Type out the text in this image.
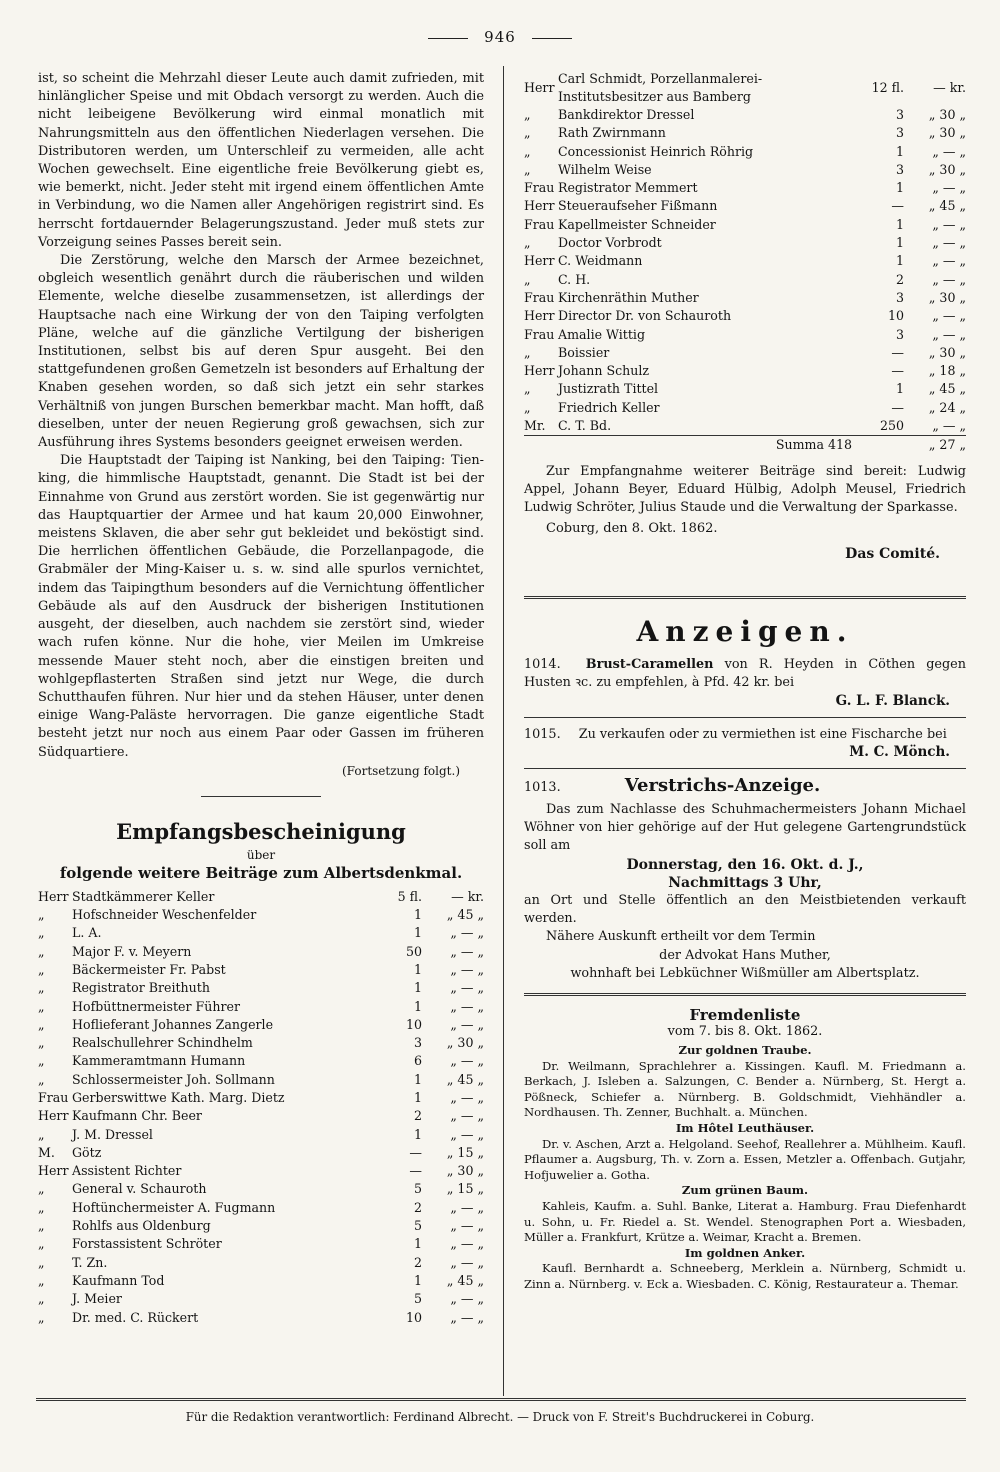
946

ist, so scheint die Mehrzahl dieser Leute auch damit zufrieden, mit hinlänglicher Speise und mit Obdach versorgt zu werden. Auch die nicht leibeigene Bevölkerung wird einmal monatlich mit Nahrungsmitteln aus den öffentlichen Niederlagen versehen. Die Distributoren werden, um Unterschleif zu vermeiden, alle acht Wochen gewechselt. Eine eigentliche freie Bevölkerung giebt es, wie bemerkt, nicht. Jeder steht mit irgend einem öffentlichen Amte in Verbindung, wo die Namen aller Angehörigen registrirt sind. Es herrscht fortdauernder Belagerungszustand. Jeder muß stets zur Vorzeigung seines Passes bereit sein.

Die Zerstörung, welche den Marsch der Armee bezeichnet, obgleich wesentlich genährt durch die räuberischen und wilden Elemente, welche dieselbe zusammensetzen, ist allerdings der Hauptsache nach eine Wirkung der von den Taiping verfolgten Pläne, welche auf die gänzliche Vertilgung der bisherigen Institutionen, selbst bis auf deren Spur ausgeht. Bei den stattgefundenen großen Gemetzeln ist besonders auf Erhaltung der Knaben gesehen worden, so daß sich jetzt ein sehr starkes Verhältniß von jungen Burschen bemerkbar macht. Man hofft, daß dieselben, unter der neuen Regierung groß gewachsen, sich zur Ausführung ihres Systems besonders geeignet erweisen werden.

Die Hauptstadt der Taiping ist Nanking, bei den Taiping: Tien-king, die himmlische Hauptstadt, genannt. Die Stadt ist bei der Einnahme von Grund aus zerstört worden. Sie ist gegenwärtig nur das Hauptquartier der Armee und hat kaum 20,000 Einwohner, meistens Sklaven, die aber sehr gut bekleidet und beköstigt sind. Die herrlichen öffentlichen Gebäude, die Porzellanpagode, die Grabmäler der Ming-Kaiser u. s. w. sind alle spurlos vernichtet, indem das Taipingthum besonders auf die Vernichtung öffentlicher Gebäude als auf den Ausdruck der bisherigen Institutionen ausgeht, der dieselben, auch nachdem sie zerstört sind, wieder wach rufen könne. Nur die hohe, vier Meilen im Umkreise messende Mauer steht noch, aber die einstigen breiten und wohlgepflasterten Straßen sind jetzt nur Wege, die durch Schutthaufen führen. Nur hier und da stehen Häuser, unter denen einige Wang-Paläste hervorragen. Die ganze eigentliche Stadt besteht jetzt nur noch aus einem Paar oder Gassen im früheren Südquartiere.

(Fortsetzung folgt.)
Empfangsbescheinigung
über
folgende weitere Beiträge zum Albertsdenkmal.
Herr	Stadtkämmerer Keller	5 fl.	— kr.
„	Hofschneider Weschenfelder	1	„ 45 „
„	L. A.	1	„ — „
„	Major F. v. Meyern	50	„ — „
„	Bäckermeister Fr. Pabst	1	„ — „
„	Registrator Breithuth	1	„ — „
„	Hofbüttnermeister Führer	1	„ — „
„	Hoflieferant Johannes Zangerle	10	„ — „
„	Realschullehrer Schindhelm	3	„ 30 „
„	Kammeramtmann Humann	6	„ — „
„	Schlossermeister Joh. Sollmann	1	„ 45 „
Frau	Gerberswittwe Kath. Marg. Dietz	1	„ — „
Herr	Kaufmann Chr. Beer	2	„ — „
„	J. M. Dressel	1	„ — „
M.	Götz	—	„ 15 „
Herr	Assistent Richter	—	„ 30 „
„	General v. Schauroth	5	„ 15 „
„	Hoftünchermeister A. Fugmann	2	„ — „
„	Rohlfs aus Oldenburg	5	„ — „
„	Forstassistent Schröter	1	„ — „
„	T. Zn.	2	„ — „
„	Kaufmann Tod	1	„ 45 „
„	J. Meier	5	„ — „
„	Dr. med. C. Rückert	10	„ — „
Herr	Carl Schmidt, Porzellanmalerei-Institutsbesitzer aus Bamberg	12 fl.	— kr.
„	Bankdirektor Dressel	3	„ 30 „
„	Rath Zwirnmann	3	„ 30 „
„	Concessionist Heinrich Röhrig	1	„ — „
„	Wilhelm Weise	3	„ 30 „
Frau	Registrator Memmert	1	„ — „
Herr	Steueraufseher Fißmann	—	„ 45 „
Frau	Kapellmeister Schneider	1	„ — „
„	Doctor Vorbrodt	1	„ — „
Herr	C. Weidmann	1	„ — „
„	C. H.	2	„ — „
Frau	Kirchenräthin Muther	3	„ 30 „
Herr	Director Dr. von Schauroth	10	„ — „
Frau	Amalie Wittig	3	„ — „
„	Boissier	—	„ 30 „
Herr	Johann Schulz	—	„ 18 „
„	Justizrath Tittel	1	„ 45 „
„	Friedrich Keller	—	„ 24 „
Mr.	C. T. Bd.	250	„ — „
	Summa 418		„ 27 „

Zur Empfangnahme weiterer Beiträge sind bereit: Ludwig Appel, Johann Beyer, Eduard Hülbig, Adolph Meusel, Friedrich Ludwig Schröter, Julius Staude und die Verwaltung der Sparkasse.

Coburg, den 8. Okt. 1862.
Das Comité.
Anzeigen.

1014. Brust-Caramellen von R. Heyden in Cöthen gegen Husten ꝛc. zu empfehlen, à Pfd. 42 kr. bei

G. L. F. Blanck.

1015. Zu verkaufen oder zu vermiethen ist eine Fischarche bei

M. C. Mönch.
1013.	Verstrichs-Anzeige.

Das zum Nachlasse des Schuhmachermeisters Johann Michael Wöhner von hier gehörige auf der Hut gelegene Gartengrundstück soll am

Donnerstag, den 16. Okt. d. J.,
Nachmittags 3 Uhr,

an Ort und Stelle öffentlich an den Meistbietenden verkauft werden.

Nähere Auskunft ertheilt vor dem Termin

der Advokat Hans Muther,
wohnhaft bei Lebküchner Wißmüller am Albertsplatz.
Fremdenliste
vom 7. bis 8. Okt. 1862.
Zur goldnen Traube.

Dr. Weilmann, Sprachlehrer a. Kissingen. Kaufl. M. Friedmann a. Berkach, J. Isleben a. Salzungen, C. Bender a. Nürnberg, St. Hergt a. Pößneck, Schiefer a. Nürnberg. B. Goldschmidt, Viehhändler a. Nordhausen. Th. Zenner, Buchhalt. a. München.

Im Hôtel Leuthäuser.

Dr. v. Aschen, Arzt a. Helgoland. Seehof, Reallehrer a. Mühlheim. Kaufl. Pflaumer a. Augsburg, Th. v. Zorn a. Essen, Metzler a. Offenbach. Gutjahr, Hofjuwelier a. Gotha.

Zum grünen Baum.

Kahleis, Kaufm. a. Suhl. Banke, Literat a. Hamburg. Frau Diefenhardt u. Sohn, u. Fr. Riedel a. St. Wendel. Stenographen Port a. Wiesbaden, Müller a. Frankfurt, Krütze a. Weimar, Kracht a. Bremen.

Im goldnen Anker.

Kaufl. Bernhardt a. Schneeberg, Merklein a. Nürnberg, Schmidt u. Zinn a. Nürnberg. v. Eck a. Wiesbaden. C. König, Restaurateur a. Themar.

Für die Redaktion verantwortlich: Ferdinand Albrecht. — Druck von F. Streit's Buchdruckerei in Coburg.
